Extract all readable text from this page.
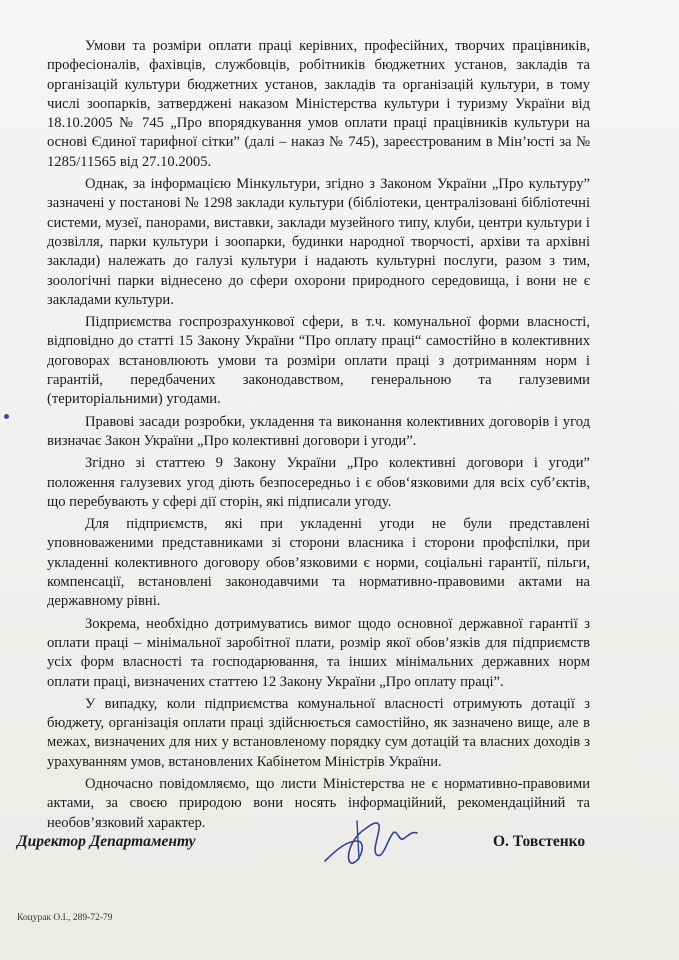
Умови та розміри оплати праці керівних, професійних, творчих працівників, професіоналів, фахівців, службовців, робітників бюджетних установ, закладів та організацій культури бюджетних установ, закладів та організацій культури, в тому числі зоопарків, затверджені наказом Міністерства культури і туризму України від 18.10.2005 № 745 „Про впорядкування умов оплати праці працівників культури на основі Єдиної тарифної сітки” (далі – наказ № 745), зареєстрованим в Мін’юсті за № 1285/11565 від 27.10.2005.

Однак, за інформацією Мінкультури, згідно з Законом України „Про культуру” зазначені у постанові № 1298 заклади культури (бібліотеки, централізовані бібліотечні системи, музеї, панорами, виставки, заклади музейного типу, клуби, центри культури і дозвілля, парки культури і зоопарки, будинки народної творчості, архіви та архівні заклади) належать до галузі культури і надають культурні послуги, разом з тим, зоологічні парки віднесено до сфери охорони природного середовища, і вони не є закладами культури.

Підприємства госпрозрахункової сфери, в т.ч. комунальної форми власності, відповідно до статті 15 Закону України “Про оплату праці“ самостійно в колективних договорах встановлюють умови та розміри оплати праці з дотриманням норм і гарантій, передбачених законодавством, генеральною та галузевими (територіальними) угодами.

Правові засади розробки, укладення та виконання колективних договорів і угод визначає Закон України „Про колективні договори і угоди”.

Згідно зі статтею 9 Закону України „Про колективні договори і угоди” положення галузевих угод діють безпосередньо і є обов‘язковими для всіх суб’єктів, що перебувають у сфері дії сторін, які підписали угоду.

Для підприємств, які при укладенні угоди не були представлені уповноваженими представниками зі сторони власника і сторони профспілки, при укладенні колективного договору обов’язковими є норми, соціальні гарантії, пільги, компенсації, встановлені законодавчими та нормативно-правовими актами на державному рівні.

Зокрема, необхідно дотримуватись вимог щодо основної державної гарантії з оплати праці – мінімальної заробітної плати, розмір якої обов’язків для підприємств усіх форм власності та господарювання, та інших мінімальних державних норм оплати праці, визначених статтею 12 Закону України „Про оплату праці”.

У випадку, коли підприємства комунальної власності отримують дотації з бюджету, організація оплати праці здійснюється самостійно, як зазначено вище, але в межах, визначених для них у встановленому порядку сум дотацій та власних доходів з урахуванням умов, встановлених Кабінетом Міністрів України.

Одночасно повідомляємо, що листи Міністерства не є нормативно-правовими актами, за своєю природою вони носять інформаційний, рекомендаційний та необов’язковий характер.

Директор Департаменту	О. Товстенко
Коцурак О.І., 289-72-79
